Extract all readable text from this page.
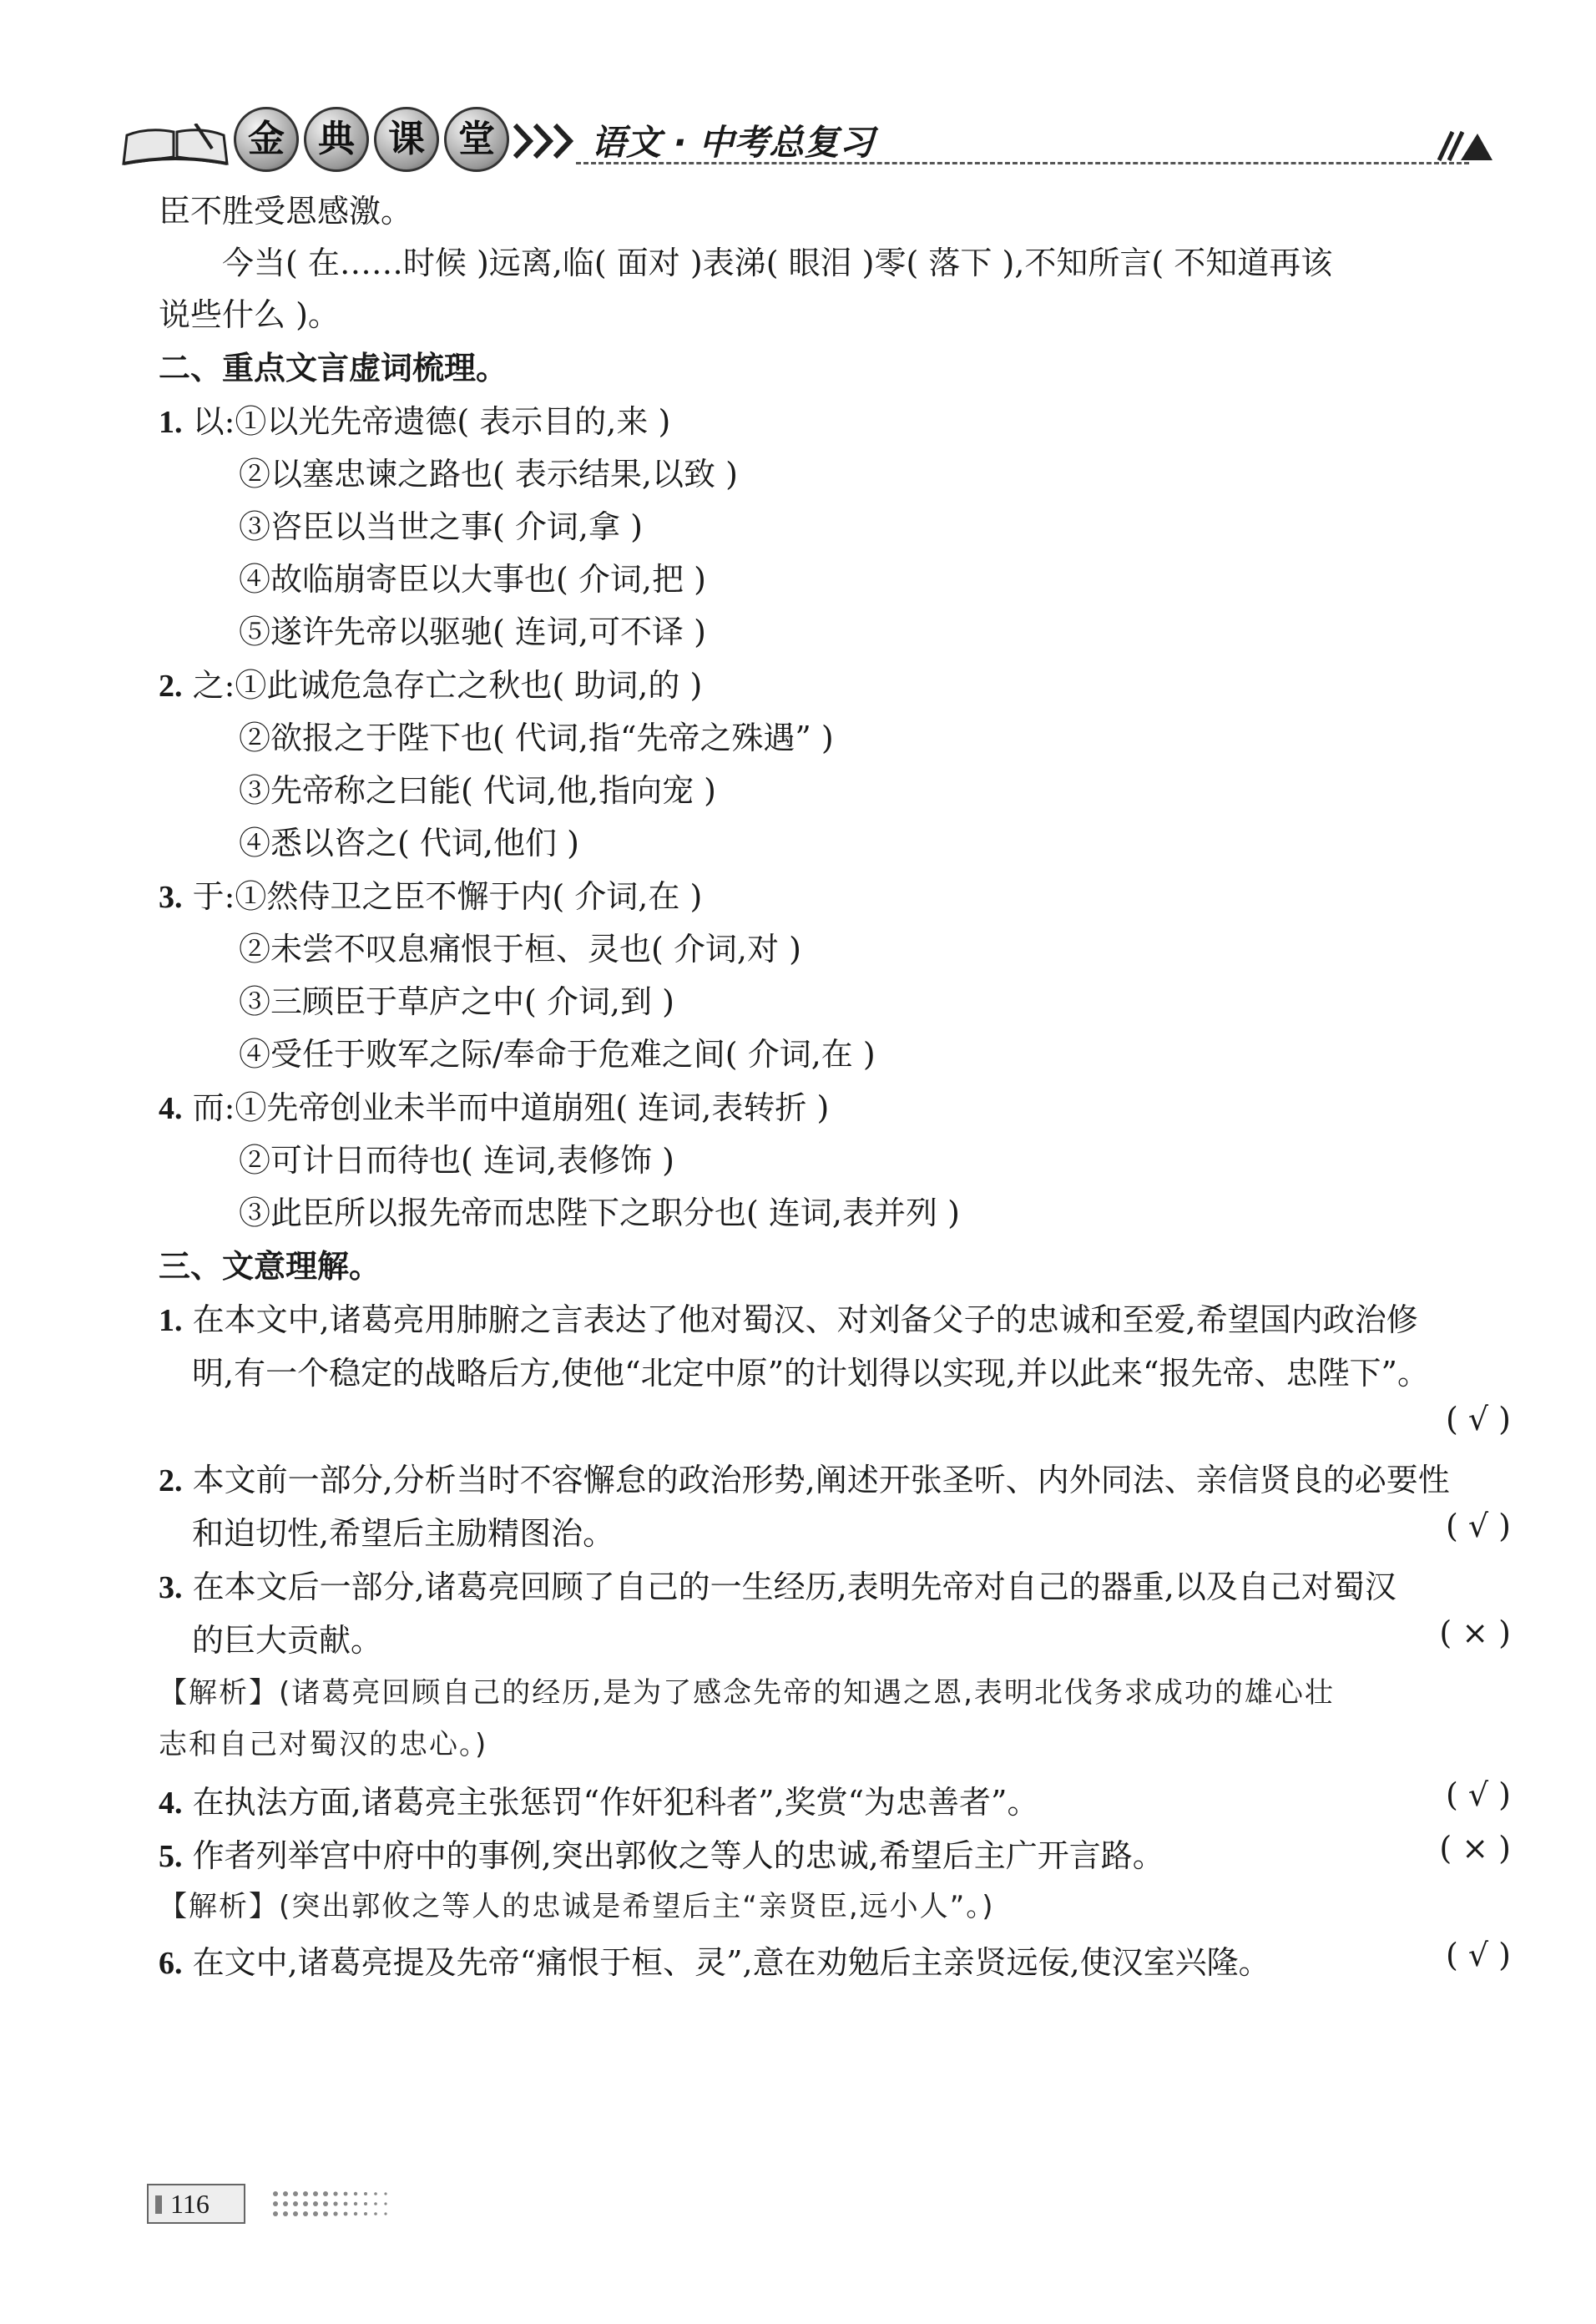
金 典 课 堂	语文 · 中考总复习
臣不胜受恩感激。
今当( 在……时候 )远离,临( 面对 )表涕( 眼泪 )零( 落下 ),不知所言( 不知道再该
说些什么 )。
二、重点文言虚词梳理。
1. 以:①以光先帝遗德( 表示目的,来 )
②以塞忠谏之路也( 表示结果,以致 )
③咨臣以当世之事( 介词,拿 )
④故临崩寄臣以大事也( 介词,把 )
⑤遂许先帝以驱驰( 连词,可不译 )
2. 之:①此诚危急存亡之秋也( 助词,的 )
②欲报之于陛下也( 代词,指“先帝之殊遇” )
③先帝称之曰能( 代词,他,指向宠 )
④悉以咨之( 代词,他们 )
3. 于:①然侍卫之臣不懈于内( 介词,在 )
②未尝不叹息痛恨于桓、灵也( 介词,对 )
③三顾臣于草庐之中( 介词,到 )
④受任于败军之际/奉命于危难之间( 介词,在 )
4. 而:①先帝创业未半而中道崩殂( 连词,表转折 )
②可计日而待也( 连词,表修饰 )
③此臣所以报先帝而忠陛下之职分也( 连词,表并列 )
三、文意理解。
1. 在本文中,诸葛亮用肺腑之言表达了他对蜀汉、对刘备父子的忠诚和至爱,希望国内政治修
明,有一个稳定的战略后方,使他“北定中原”的计划得以实现,并以此来“报先帝、忠陛下”。
( √ )
2. 本文前一部分,分析当时不容懈怠的政治形势,阐述开张圣听、内外同法、亲信贤良的必要性
和迫切性,希望后主励精图治。	( √ )
3. 在本文后一部分,诸葛亮回顾了自己的一生经历,表明先帝对自己的器重,以及自己对蜀汉
的巨大贡献。	( × )
【解析】(诸葛亮回顾自己的经历,是为了感念先帝的知遇之恩,表明北伐务求成功的雄心壮
志和自己对蜀汉的忠心。)
4. 在执法方面,诸葛亮主张惩罚“作奸犯科者”,奖赏“为忠善者”。	( √ )
5. 作者列举宫中府中的事例,突出郭攸之等人的忠诚,希望后主广开言路。	( × )
【解析】(突出郭攸之等人的忠诚是希望后主“亲贤臣,远小人”。)
6. 在文中,诸葛亮提及先帝“痛恨于桓、灵”,意在劝勉后主亲贤远佞,使汉室兴隆。	( √ )
116
